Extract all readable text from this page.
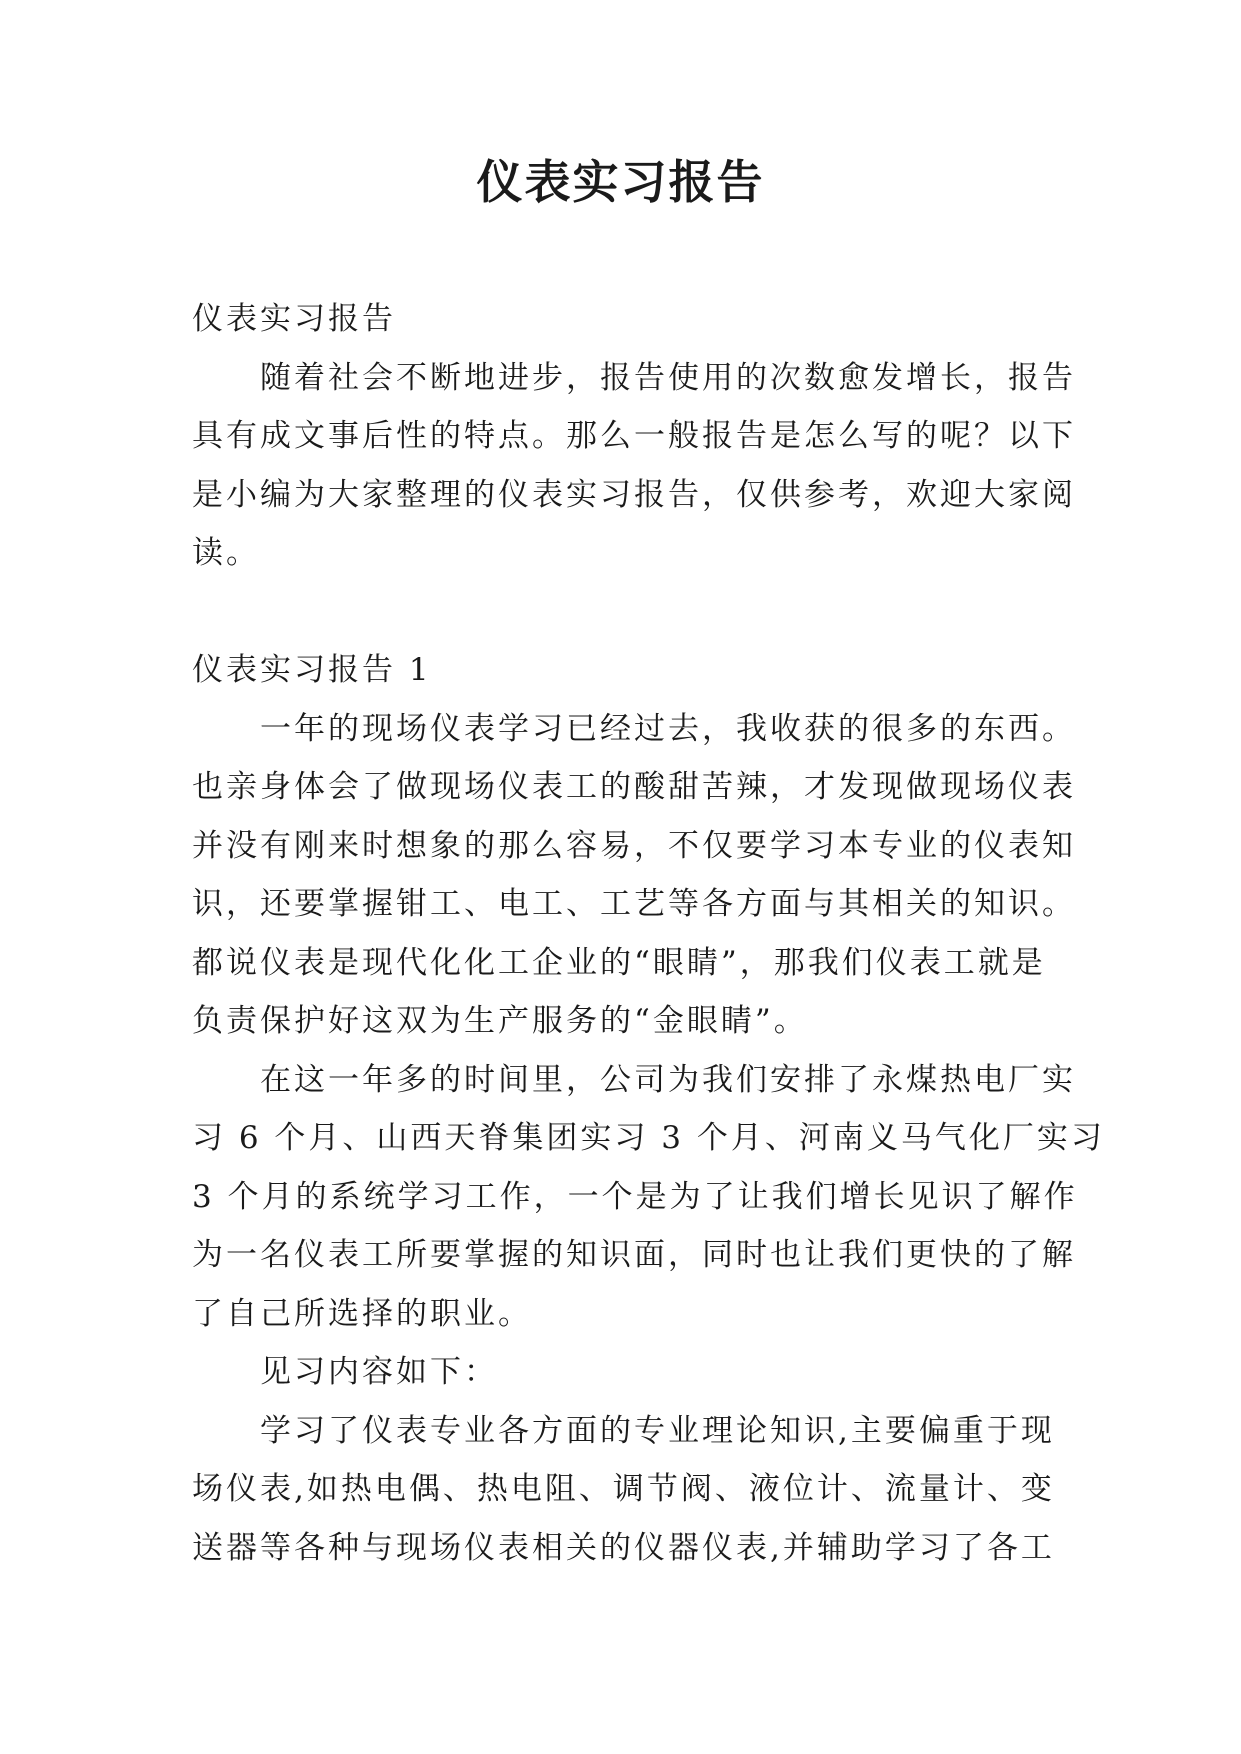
仪表实习报告
仪表实习报告
随着社会不断地进步，报告使用的次数愈发增长，报告
具有成文事后性的特点。那么一般报告是怎么写的呢？以下
是小编为大家整理的仪表实习报告，仅供参考，欢迎大家阅
读。
仪表实习报告 1
一年的现场仪表学习已经过去，我收获的很多的东西。
也亲身体会了做现场仪表工的酸甜苦辣，才发现做现场仪表
并没有刚来时想象的那么容易，不仅要学习本专业的仪表知
识，还要掌握钳工、电工、工艺等各方面与其相关的知识。
都说仪表是现代化化工企业的“眼睛”，那我们仪表工就是
负责保护好这双为生产服务的“金眼睛”。
在这一年多的时间里，公司为我们安排了永煤热电厂实
习 6 个月、山西天脊集团实习 3 个月、河南义马气化厂实习
3 个月的系统学习工作，一个是为了让我们增长见识了解作
为一名仪表工所要掌握的知识面，同时也让我们更快的了解
了自己所选择的职业。
见习内容如下：
学习了仪表专业各方面的专业理论知识,主要偏重于现
场仪表,如热电偶、热电阻、调节阀、液位计、流量计、变
送器等各种与现场仪表相关的仪器仪表,并辅助学习了各工
